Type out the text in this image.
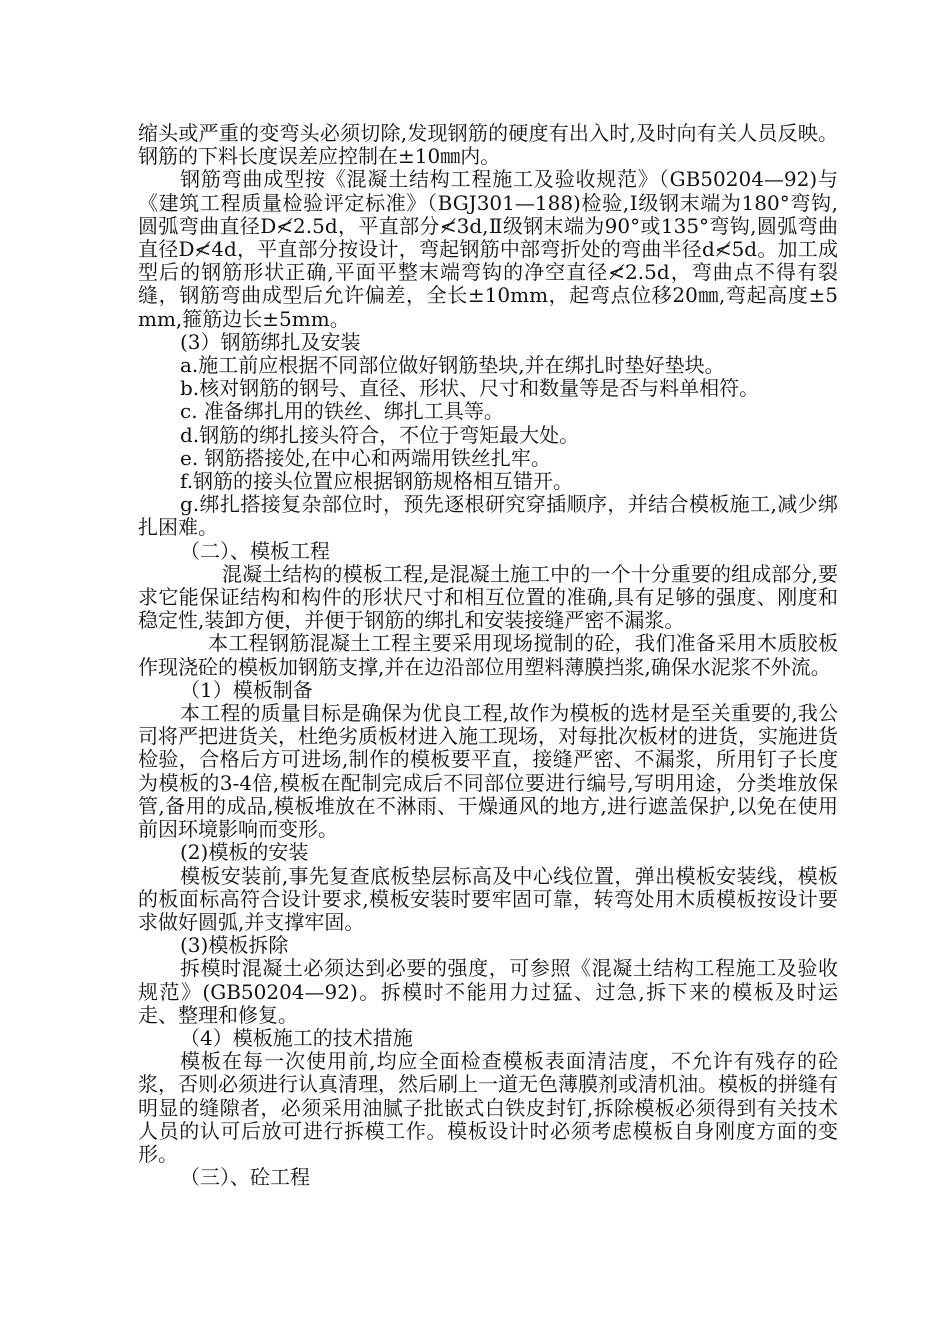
缩头或严重的变弯头必须切除,发现钢筋的硬度有出入时,及时向有关人员反映。钢筋的下料长度误差应控制在±10㎜内。

钢筋弯曲成型按《混凝土结构工程施工及验收规范》（GB50204—92)与《建筑工程质量检验评定标准》（BGJ301—188)检验,Ⅰ级钢末端为180°弯钩,圆弧弯曲直径D≮2.5d，平直部分≮3d,Ⅱ级钢末端为90°或135°弯钩,圆弧弯曲直径D≮4d，平直部分按设计，弯起钢筋中部弯折处的弯曲半径d≮5d。加工成型后的钢筋形状正确,平面平整末端弯钩的净空直径≮2.5d，弯曲点不得有裂缝，钢筋弯曲成型后允许偏差，全长±10mm，起弯点位移20㎜,弯起高度±5mm,箍筋边长±5mm。

(3）钢筋绑扎及安装

a.施工前应根据不同部位做好钢筋垫块,并在绑扎时垫好垫块。

b.核对钢筋的钢号、直径、形状、尺寸和数量等是否与料单相符。

c. 准备绑扎用的铁丝、绑扎工具等。

d.钢筋的绑扎接头符合，不位于弯矩最大处。

e. 钢筋搭接处,在中心和两端用铁丝扎牢。

f.钢筋的接头位置应根据钢筋规格相互错开。

g.绑扎搭接复杂部位时，预先逐根研究穿插顺序，并结合模板施工,减少绑扎困难。

（二）、模板工程

混凝土结构的模板工程,是混凝土施工中的一个十分重要的组成部分,要求它能保证结构和构件的形状尺寸和相互位置的准确,具有足够的强度、刚度和稳定性,装卸方便，并便于钢筋的绑扎和安装接缝严密不漏浆。

本工程钢筋混凝土工程主要采用现场搅制的砼，我们准备采用木质胶板作现浇砼的模板加钢筋支撑,并在边沿部位用塑料薄膜挡浆,确保水泥浆不外流。

（1）模板制备

本工程的质量目标是确保为优良工程,故作为模板的选材是至关重要的,我公司将严把进货关，杜绝劣质板材进入施工现场，对每批次板材的进货，实施进货检验，合格后方可进场,制作的模板要平直，接缝严密、不漏浆，所用钉子长度为模板的3-4倍,模板在配制完成后不同部位要进行编号,写明用途，分类堆放保管,备用的成品,模板堆放在不淋雨、干燥通风的地方,进行遮盖保护,以免在使用前因环境影响而变形。

(2)模板的安装

模板安装前,事先复查底板垫层标高及中心线位置，弹出模板安装线，模板的板面标高符合设计要求,模板安装时要牢固可靠，转弯处用木质模板按设计要求做好圆弧,并支撑牢固。

(3)模板拆除

拆模时混凝土必须达到必要的强度，可参照《混凝土结构工程施工及验收规范》(GB50204—92)。拆模时不能用力过猛、过急,拆下来的模板及时运走、整理和修复。

（4）模板施工的技术措施

模板在每一次使用前,均应全面检查模板表面清洁度，不允许有残存的砼浆，否则必须进行认真清理，然后刷上一道无色薄膜剂或清机油。模板的拼缝有明显的缝隙者，必须采用油腻子批嵌式白铁皮封钉,拆除模板必须得到有关技术人员的认可后放可进行拆模工作。模板设计时必须考虑模板自身刚度方面的变形。

（三）、砼工程
